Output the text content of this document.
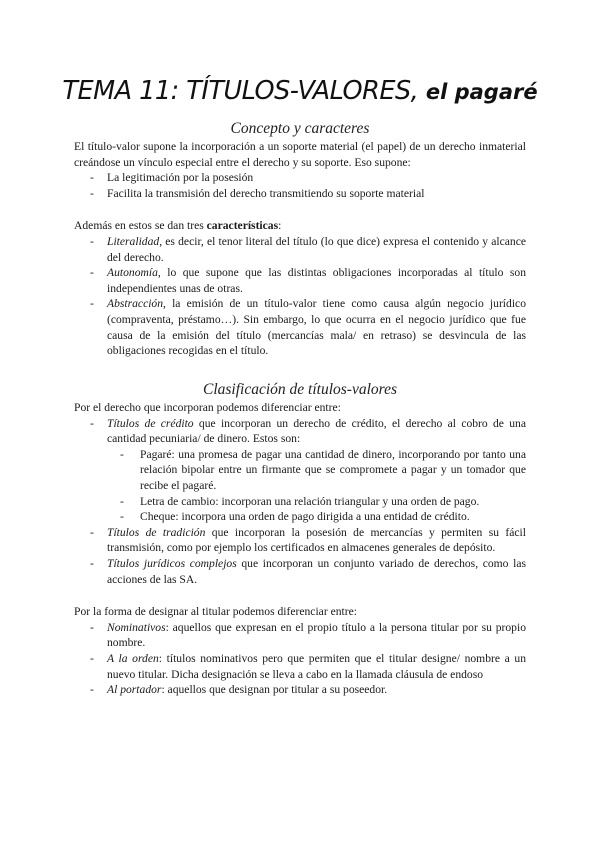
TEMA 11: TÍTULOS-VALORES, el pagaré
Concepto y caracteres

El título-valor supone la incorporación a un soporte material (el papel) de un derecho inmaterial creándose un vínculo especial entre el derecho y su soporte. Eso supone:

- La legitimación por la posesión
- Facilita la transmisión del derecho transmitiendo su soporte material

Además en estos se dan tres características:

- Literalidad, es decir, el tenor literal del título (lo que dice) expresa el contenido y alcance del derecho.
- Autonomía, lo que supone que las distintas obligaciones incorporadas al título son independientes unas de otras.
- Abstracción, la emisión de un título-valor tiene como causa algún negocio jurídico (compraventa, préstamo…). Sin embargo, lo que ocurra en el negocio jurídico que fue causa de la emisión del título (mercancías mala/ en retraso) se desvincula de las obligaciones recogidas en el título.
Clasificación de títulos-valores

Por el derecho que incorporan podemos diferenciar entre:

- Títulos de crédito que incorporan un derecho de crédito, el derecho al cobro de una cantidad pecuniaria/ de dinero. Estos son:
- Pagaré: una promesa de pagar una cantidad de dinero, incorporando por tanto una relación bipolar entre un firmante que se compromete a pagar y un tomador que recibe el pagaré.
- Letra de cambio: incorporan una relación triangular y una orden de pago.
- Cheque: incorpora una orden de pago dirigida a una entidad de crédito.
- Títulos de tradición que incorporan la posesión de mercancías y permiten su fácil transmisión, como por ejemplo los certificados en almacenes generales de depósito.
- Títulos jurídicos complejos que incorporan un conjunto variado de derechos, como las acciones de las SA.

Por la forma de designar al titular podemos diferenciar entre:

- Nominativos: aquellos que expresan en el propio título a la persona titular por su propio nombre.
- A la orden: títulos nominativos pero que permiten que el titular designe/ nombre a un nuevo titular. Dicha designación se lleva a cabo en la llamada cláusula de endoso
- Al portador: aquellos que designan por titular a su poseedor.
